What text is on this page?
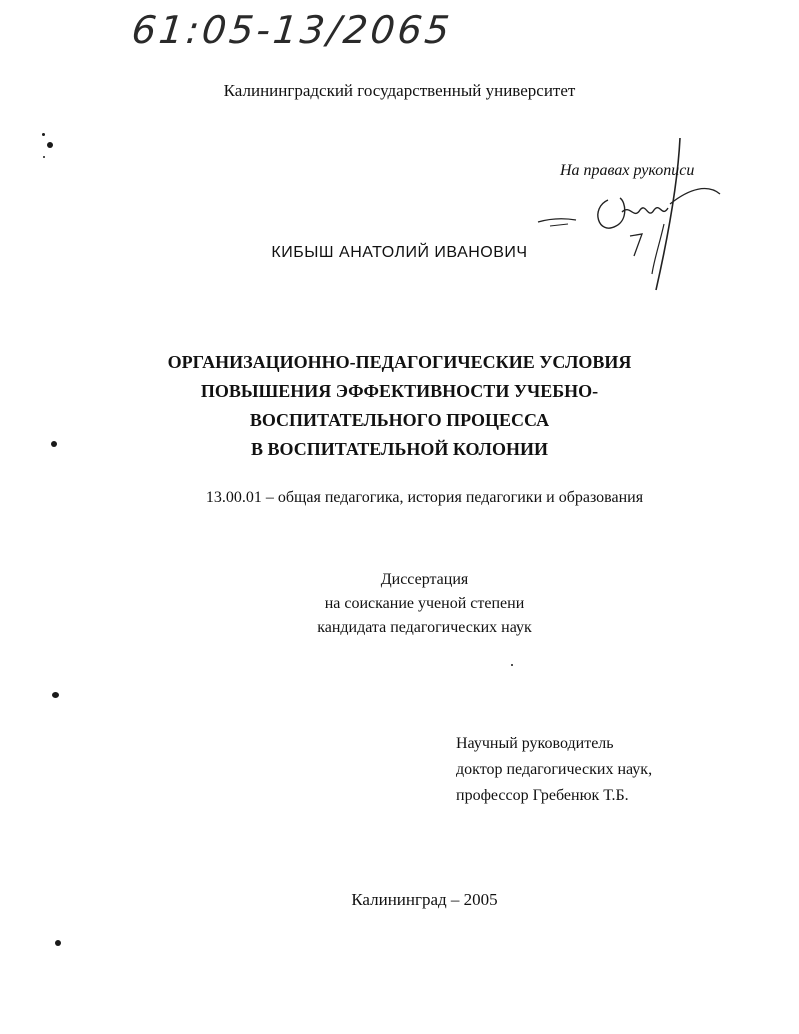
61:05-13/2065
Калининградский государственный университет
На правах рукописи
КИБЫШ АНАТОЛИЙ ИВАНОВИЧ
ОРГАНИЗАЦИОННО-ПЕДАГОГИЧЕСКИЕ УСЛОВИЯ
ПОВЫШЕНИЯ ЭФФЕКТИВНОСТИ УЧЕБНО-
ВОСПИТАТЕЛЬНОГО ПРОЦЕССА
В ВОСПИТАТЕЛЬНОЙ КОЛОНИИ
13.00.01 – общая педагогика, история педагогики и образования
Диссертация
на соискание ученой степени
кандидата педагогических наук
Научный руководитель
доктор педагогических наук,
профессор Гребенюк Т.Б.
Калининград – 2005
